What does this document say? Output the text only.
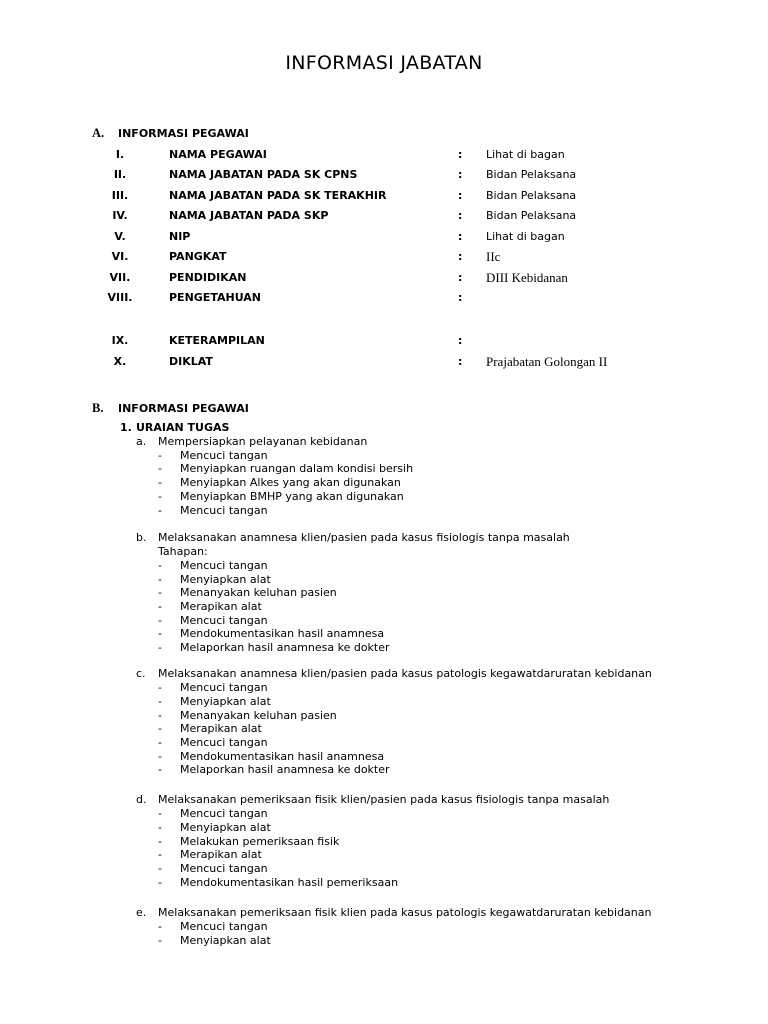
INFORMASI JABATAN
A. INFORMASI PEGAWAI
I.	NAMA PEGAWAI	: Lihat di bagan
II.	NAMA JABATAN PADA SK CPNS	: Bidan Pelaksana
III.	NAMA JABATAN PADA SK TERAKHIR	: Bidan Pelaksana
IV.	NAMA JABATAN PADA SKP	: Bidan Pelaksana
V.	NIP	: Lihat di bagan
VI.	PANGKAT	: IIc
VII.	PENDIDIKAN	: DIII Kebidanan
VIII.	PENGETAHUAN	:
IX.	KETERAMPILAN	:
X.	DIKLAT	: Prajabatan Golongan II
B. INFORMASI PEGAWAI
1. URAIAN TUGAS
a. Mempersiapkan pelayanan kebidanan
- Mencuci tangan
- Menyiapkan ruangan dalam kondisi bersih
- Menyiapkan Alkes yang akan digunakan
- Menyiapkan BMHP yang akan digunakan
- Mencuci tangan
b. Melaksanakan anamnesa klien/pasien pada kasus fisiologis tanpa masalah
Tahapan:
- Mencuci tangan
- Menyiapkan alat
- Menanyakan keluhan pasien
- Merapikan alat
- Mencuci tangan
- Mendokumentasikan hasil anamnesa
- Melaporkan hasil anamnesa ke dokter
c. Melaksanakan anamnesa klien/pasien pada kasus patologis kegawatdaruratan kebidanan
- Mencuci tangan
- Menyiapkan alat
- Menanyakan keluhan pasien
- Merapikan alat
- Mencuci tangan
- Mendokumentasikan hasil anamnesa
- Melaporkan hasil anamnesa ke dokter
d. Melaksanakan pemeriksaan fisik klien/pasien pada kasus fisiologis tanpa masalah
- Mencuci tangan
- Menyiapkan alat
- Melakukan pemeriksaan fisik
- Merapikan alat
- Mencuci tangan
- Mendokumentasikan hasil pemeriksaan
e. Melaksanakan pemeriksaan fisik klien pada kasus patologis kegawatdaruratan kebidanan
- Mencuci tangan
- Menyiapkan alat
